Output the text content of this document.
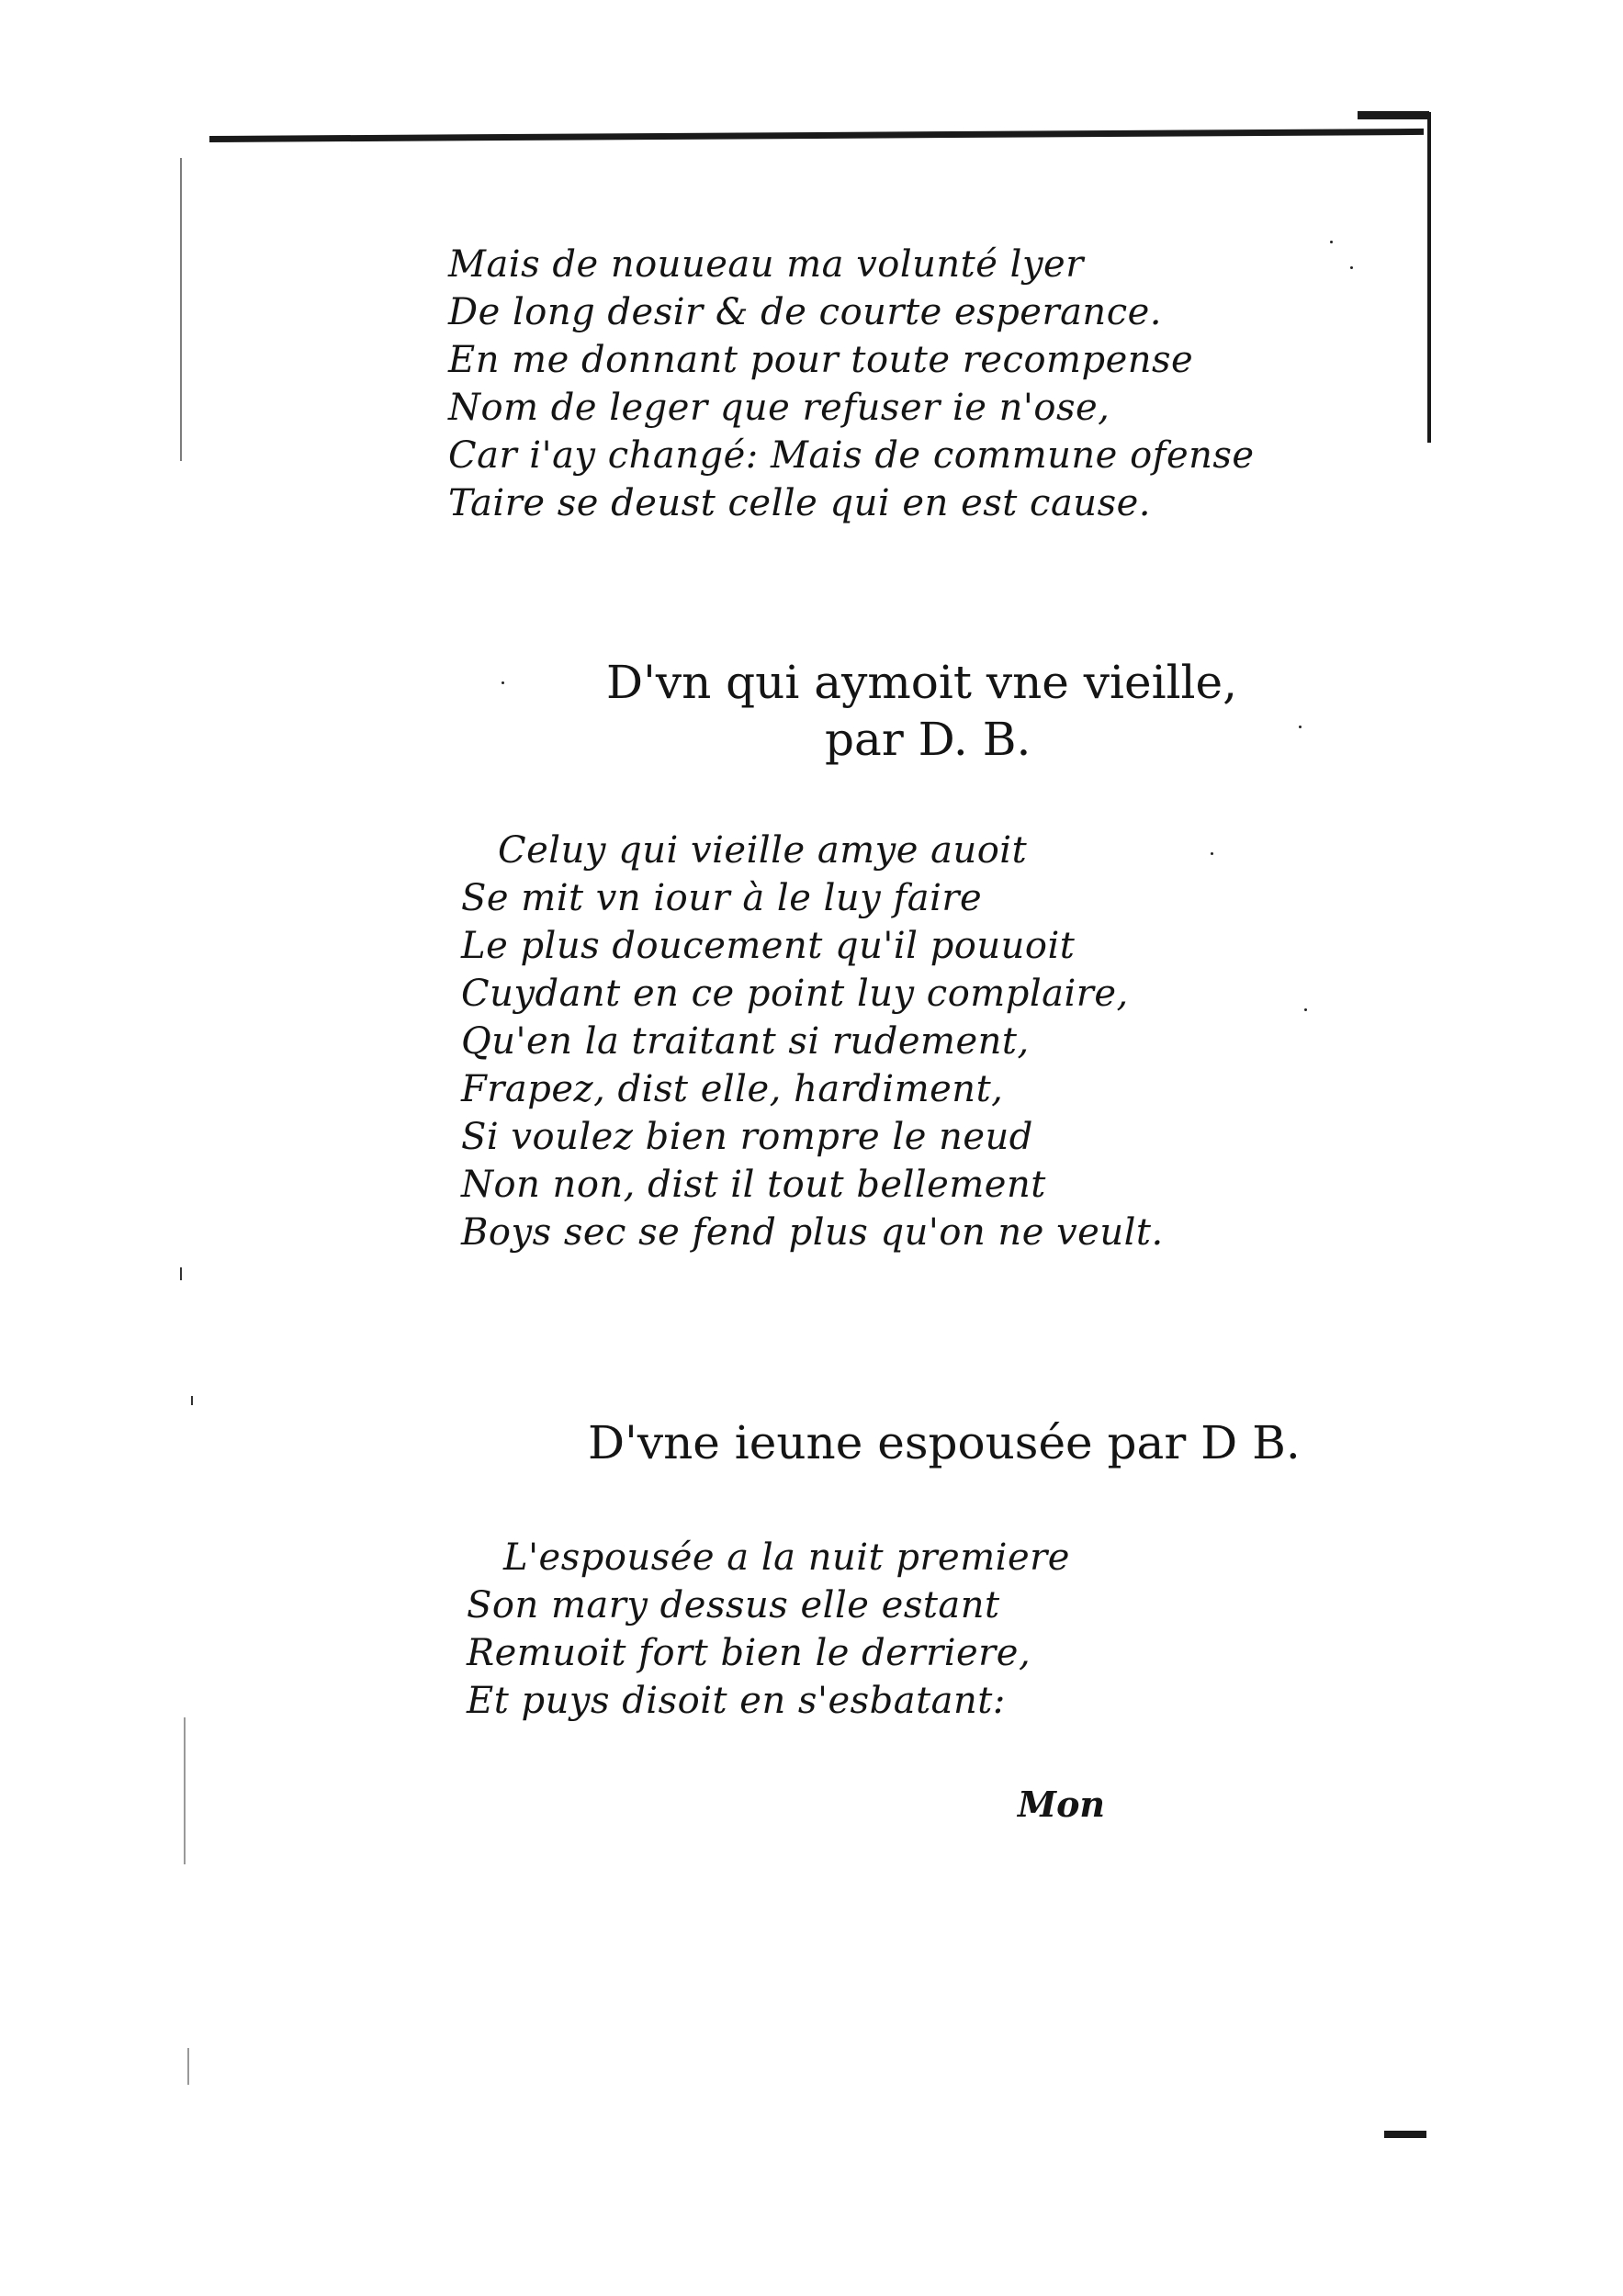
Mais de nouueau ma volunté lyer
De long desir & de courte esperance.
En me donnant pour toute recompense
Nom de leger que refuser ie n'ose,
Car i'ay changé: Mais de commune ofense
Taire se deust celle qui en est cause.
D'vn qui aymoit vne vieille,
par D. B.
Celuy qui vieille amye auoit
Se mit vn iour à le luy faire
Le plus doucement qu'il pouuoit
Cuydant en ce point luy complaire,
Qu'en la traitant si rudement,
Frapez, dist elle, hardiment,
Si voulez bien rompre le neud
Non non, dist il tout bellement
Boys sec se fend plus qu'on ne veult.
D'vne ieune espousée par D B.
L'espousée a la nuit premiere
Son mary dessus elle estant
Remuoit fort bien le derriere,
Et puys disoit en s'esbatant:
Mon
